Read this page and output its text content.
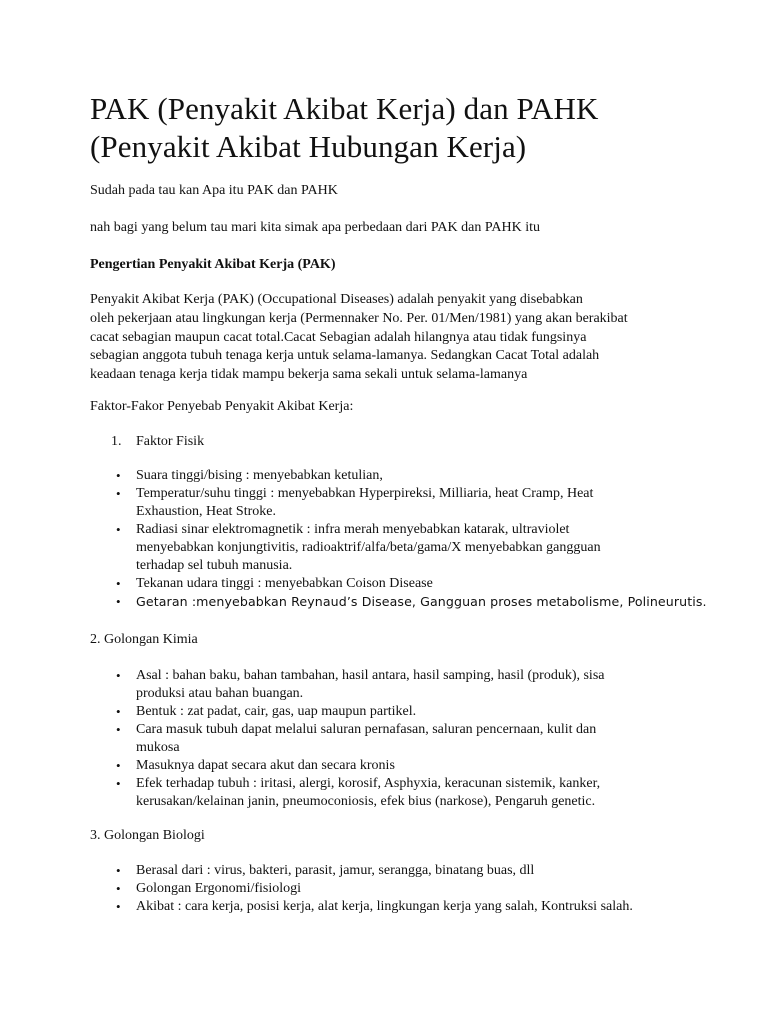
PAK (Penyakit Akibat Kerja) dan PAHK
(Penyakit Akibat Hubungan Kerja)

Sudah pada tau kan Apa itu PAK dan PAHK

nah bagi yang belum tau mari kita simak apa perbedaan dari PAK dan PAHK itu

Pengertian Penyakit Akibat Kerja (PAK)

Penyakit Akibat Kerja (PAK) (Occupational Diseases) adalah penyakit yang disebabkan
oleh pekerjaan atau lingkungan kerja (Permennaker No. Per. 01/Men/1981) yang akan berakibat
cacat sebagian maupun cacat total.Cacat Sebagian adalah hilangnya atau tidak fungsinya
sebagian anggota tubuh tenaga kerja untuk selama-lamanya. Sedangkan Cacat Total adalah
keadaan tenaga kerja tidak mampu bekerja sama sekali untuk selama-lamanya

Faktor-Fakor Penyebab Penyakit Akibat Kerja:

1. Faktor Fisik

• Suara tinggi/bising : menyebabkan ketulian,
• Temperatur/suhu tinggi : menyebabkan Hyperpireksi, Milliaria, heat Cramp, Heat
Exhaustion, Heat Stroke.
• Radiasi sinar elektromagnetik : infra merah menyebabkan katarak, ultraviolet
menyebabkan konjungtivitis, radioaktrif/alfa/beta/gama/X menyebabkan gangguan
terhadap sel tubuh manusia.
• Tekanan udara tinggi : menyebabkan Coison Disease
• Getaran :menyebabkan Reynaud’s Disease, Gangguan proses metabolisme, Polineurutis.

2. Golongan Kimia

• Asal : bahan baku, bahan tambahan, hasil antara, hasil samping, hasil (produk), sisa
produksi atau bahan buangan.
• Bentuk : zat padat, cair, gas, uap maupun partikel.
• Cara masuk tubuh dapat melalui saluran pernafasan, saluran pencernaan, kulit dan
mukosa
• Masuknya dapat secara akut dan secara kronis
• Efek terhadap tubuh : iritasi, alergi, korosif, Asphyxia, keracunan sistemik, kanker,
kerusakan/kelainan janin, pneumoconiosis, efek bius (narkose), Pengaruh genetic.

3. Golongan Biologi

• Berasal dari : virus, bakteri, parasit, jamur, serangga, binatang buas, dll
• Golongan Ergonomi/fisiologi
• Akibat : cara kerja, posisi kerja, alat kerja, lingkungan kerja yang salah, Kontruksi salah.
